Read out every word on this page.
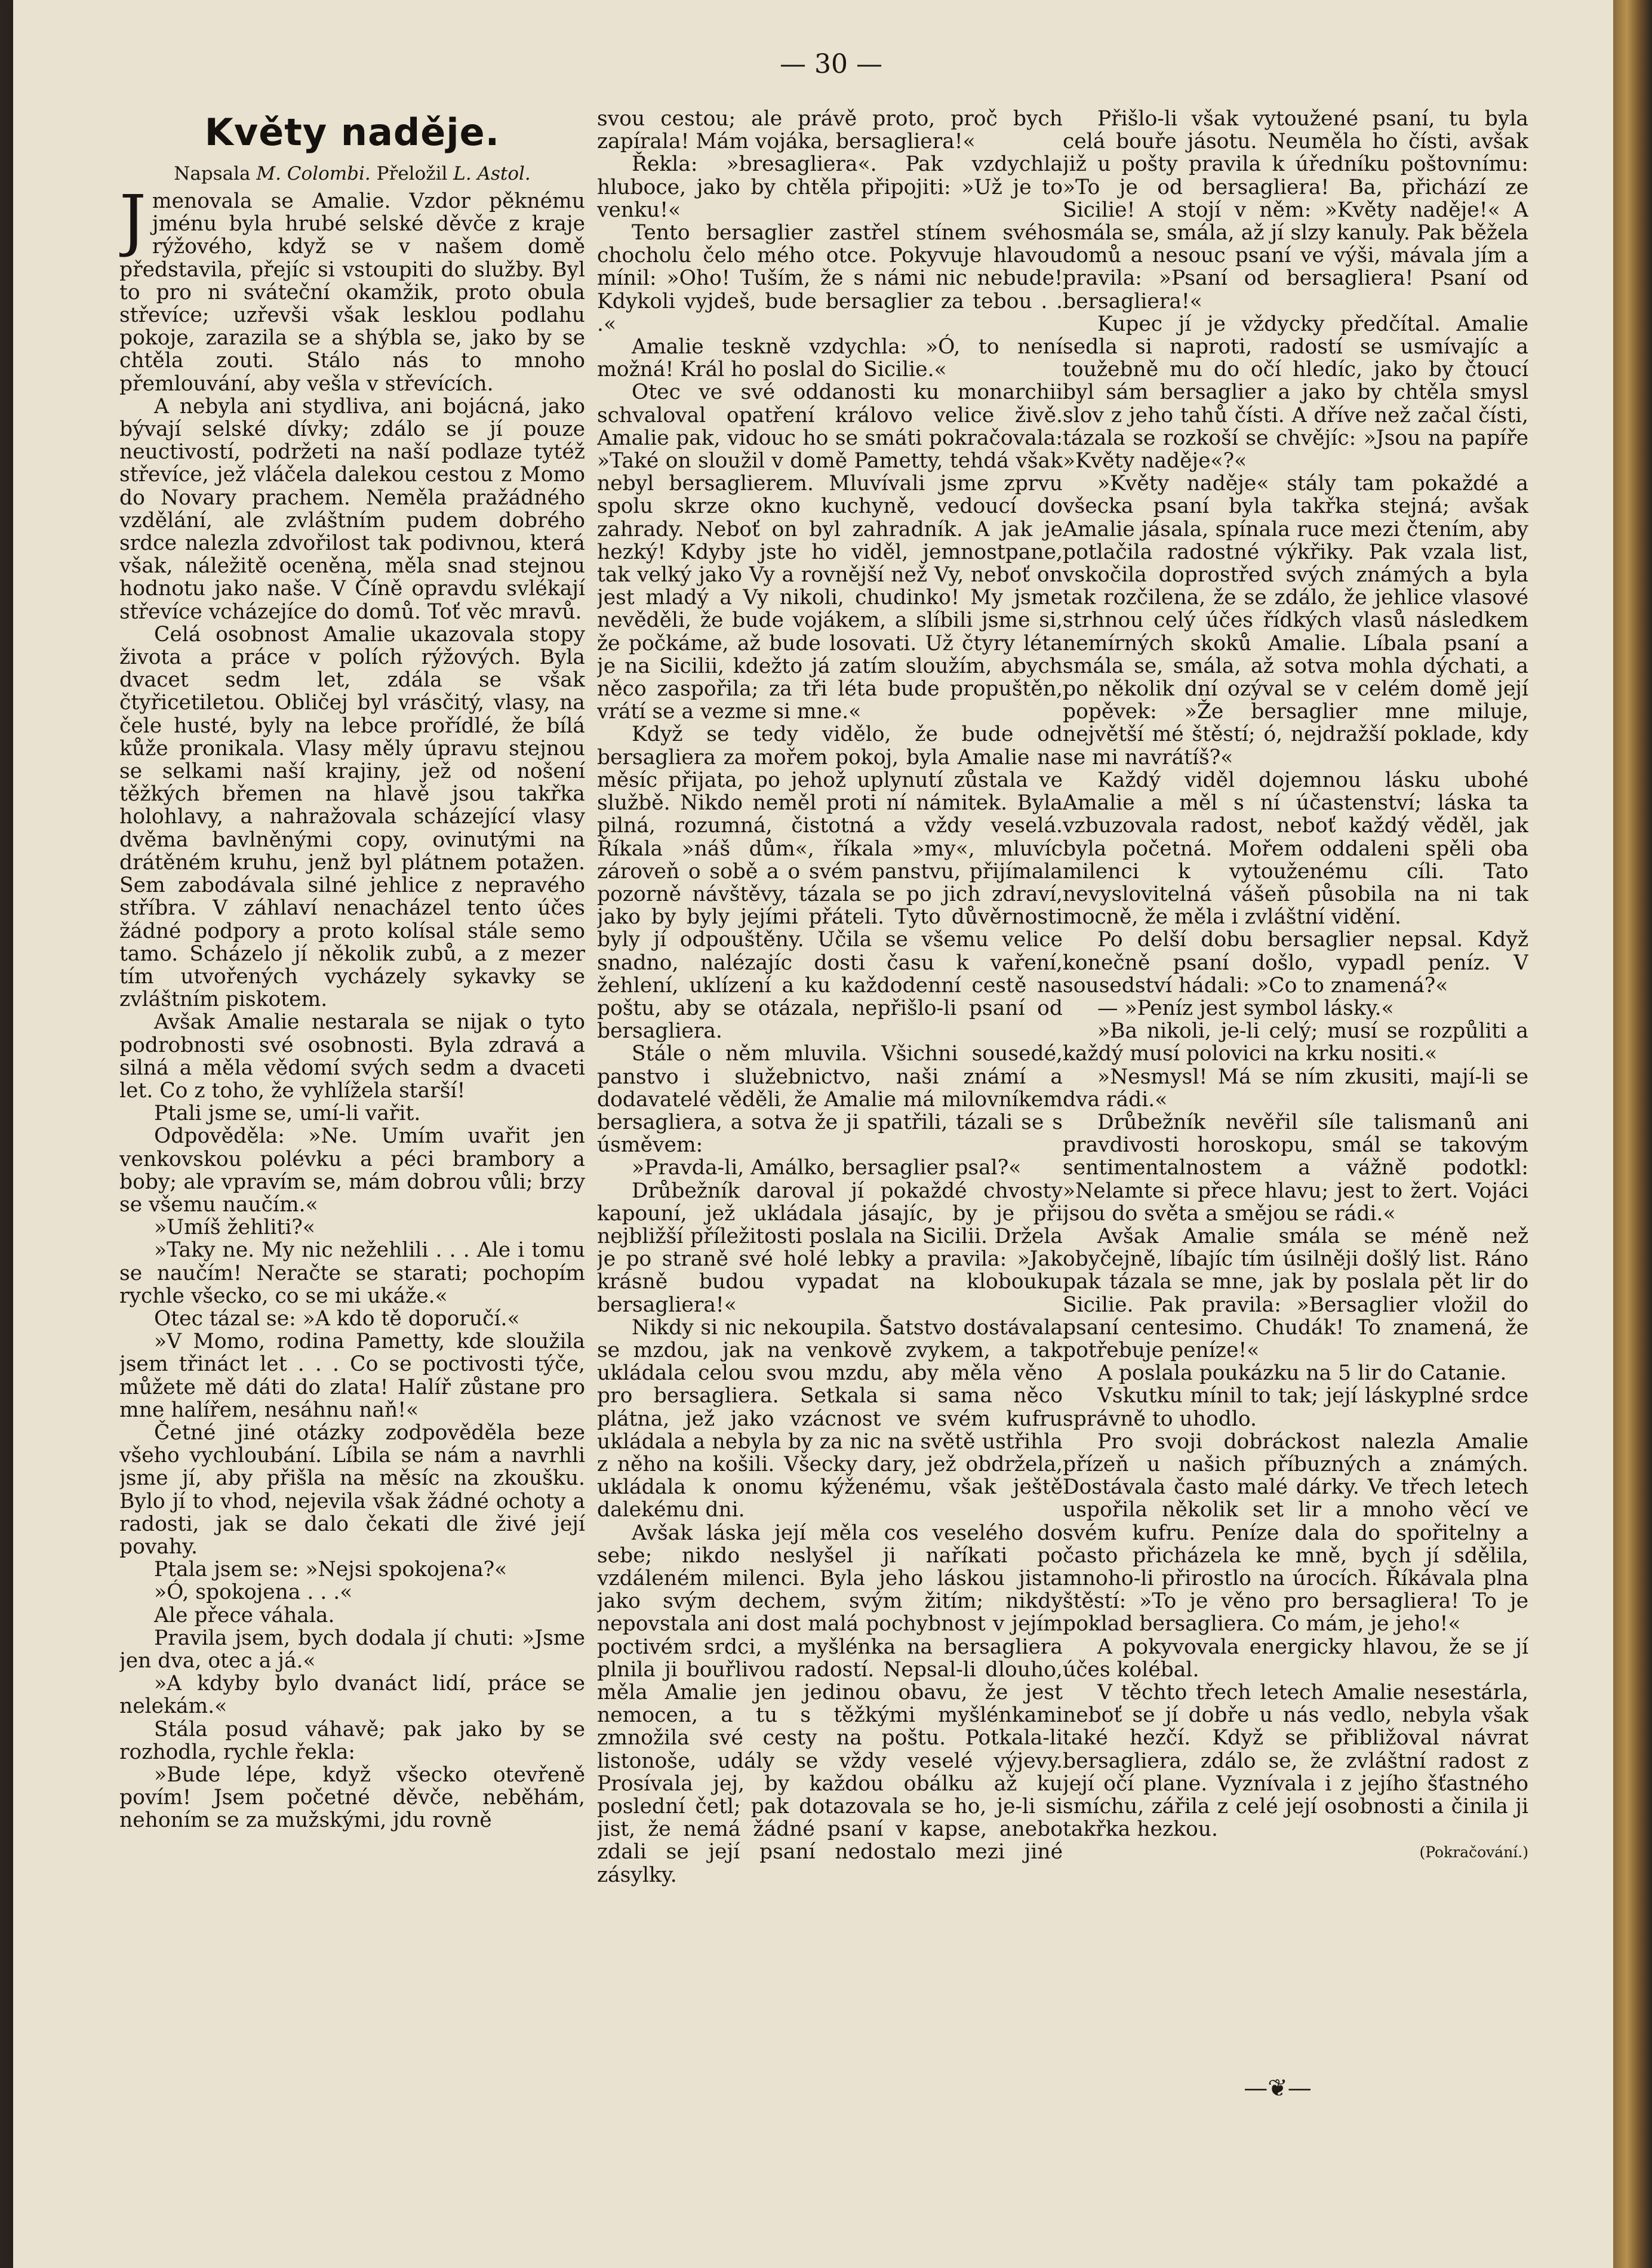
— 30 —
Květy naděje.

Napsala M. Colombi. Přeložil L. Astol.

Jmenovala se Amalie. Vzdor pěknému jménu byla hrubé selské děvče z kraje rýžového, když se v našem domě představila, přejíc si vstoupiti do služby. Byl to pro ni sváteční okamžik, proto obula střevíce; uzřevši však lesklou podlahu pokoje, zarazila se a shýbla se, jako by se chtěla zouti. Stálo nás to mnoho přemlouvání, aby vešla v střevících.

A nebyla ani stydliva, ani bojácná, jako bývají selské dívky; zdálo se jí pouze neuctivostí, podržeti na naší podlaze tytéž střevíce, jež vláčela dalekou cestou z Momo do Novary prachem. Neměla pražádného vzdělání, ale zvláštním pudem dobrého srdce nalezla zdvořilost tak podivnou, která však, náležitě oceněna, měla snad stejnou hodnotu jako naše. V Číně opravdu svlékají střevíce vcházejíce do domů. Toť věc mravů.

Celá osobnost Amalie ukazovala stopy života a práce v polích rýžových. Byla dvacet sedm let, zdála se však čtyřicetiletou. Obličej byl vrásčitý, vlasy, na čele husté, byly na lebce prořídlé, že bílá kůže pronikala. Vlasy měly úpravu stejnou se selkami naší krajiny, jež od nošení těžkých břemen na hlavě jsou takřka holohlavy, a nahražovala scházející vlasy dvěma bavlněnými copy, ovinutými na drátěném kruhu, jenž byl plátnem potažen. Sem zabodávala silné jehlice z nepravého stříbra. V záhlaví nenacházel tento účes žádné podpory a proto kolísal stále semo tamo. Scházelo jí několik zubů, a z mezer tím utvořených vycházely sykavky se zvláštním piskotem.

Avšak Amalie nestarala se nijak o tyto podrobnosti své osobnosti. Byla zdravá a silná a měla vědomí svých sedm a dvaceti let. Co z toho, že vyhlížela starší!

Ptali jsme se, umí-li vařit.

Odpověděla: »Ne. Umím uvařit jen venkovskou polévku a péci brambory a boby; ale vpravím se, mám dobrou vůli; brzy se všemu naučím.«

»Umíš žehliti?«

»Taky ne. My nic nežehlili . . . Ale i tomu se naučím! Neračte se starati; pochopím rychle všecko, co se mi ukáže.«

Otec tázal se: »A kdo tě doporučí.«

»V Momo, rodina Pametty, kde sloužila jsem třináct let . . . Co se poctivosti týče, můžete mě dáti do zlata! Halíř zůstane pro mne halířem, nesáhnu naň!«

Četné jiné otázky zodpověděla beze všeho vychloubání. Líbila se nám a navrhli jsme jí, aby přišla na měsíc na zkoušku. Bylo jí to vhod, nejevila však žádné ochoty a radosti, jak se dalo čekati dle živé její povahy.

Ptala jsem se: »Nejsi spokojena?«

»Ó, spokojena . . .«

Ale přece váhala.

Pravila jsem, bych dodala jí chuti: »Jsme jen dva, otec a já.«

»A kdyby bylo dvanáct lidí, práce se nelekám.«

Stála posud váhavě; pak jako by se rozhodla, rychle řekla:

»Bude lépe, když všecko otevřeně povím! Jsem početné děvče, neběhám, nehoním se za mužskými, jdu rovně

svou cestou; ale právě proto, proč bych zapírala! Mám vojáka, bersagliera!«

Řekla: »bresagliera«. Pak vzdychla hluboce, jako by chtěla připojiti: »Už je to venku!«

Tento bersaglier zastřel stínem svého chocholu čelo mého otce. Pokyvuje hlavou mínil: »Oho! Tuším, že s námi nic nebude! Kdykoli vyjdeš, bude bersaglier za tebou . . .«

Amalie teskně vzdychla: »Ó, to není možná! Král ho poslal do Sicilie.«

Otec ve své oddanosti ku monarchii schvaloval opatření královo velice živě. Amalie pak, vidouc ho se smáti pokračovala: »Také on sloužil v domě Pametty, tehdá však nebyl bersaglierem. Mluvívali jsme zprvu spolu skrze okno kuchyně, vedoucí do zahrady. Neboť on byl zahradník. A jak je hezký! Kdyby jste ho viděl, jemnostpane, tak velký jako Vy a rovnější než Vy, neboť on jest mladý a Vy nikoli, chudinko! My jsme nevěděli, že bude vojákem, a slíbili jsme si, že počkáme, až bude losovati. Už čtyry léta je na Sicilii, kdežto já zatím sloužím, abych něco zaspořila; za tři léta bude propuštěn, vrátí se a vezme si mne.«

Když se tedy vidělo, že bude od bersagliera za mořem pokoj, byla Amalie na měsíc přijata, po jehož uplynutí zůstala ve službě. Nikdo neměl proti ní námitek. Byla pilná, rozumná, čistotná a vždy veselá. Říkala »náš dům«, říkala »my«, mluvíc zároveň o sobě a o svém panstvu, přijímala pozorně návštěvy, tázala se po jich zdraví, jako by byly jejími přáteli. Tyto důvěrnosti byly jí odpouštěny. Učila se všemu velice snadno, nalézajíc dosti času k vaření, žehlení, uklízení a ku každodenní cestě na poštu, aby se otázala, nepřišlo-li psaní od bersagliera.

Stále o něm mluvila. Všichni sousedé, panstvo i služebnictvo, naši známí a dodavatelé věděli, že Amalie má milovníkem bersagliera, a sotva že ji spatřili, tázali se s úsměvem:

»Pravda-li, Amálko, bersaglier psal?«

Drůbežník daroval jí pokaždé chvosty kapouní, jež ukládala jásajíc, by je při nejbližší příležitosti poslala na Sicilii. Držela je po straně své holé lebky a pravila: »Jak krásně budou vypadat na klobouku bersagliera!«

Nikdy si nic nekoupila. Šatstvo dostávala se mzdou, jak na venkově zvykem, a tak ukládala celou svou mzdu, aby měla věno pro bersagliera. Setkala si sama něco plátna, jež jako vzácnost ve svém kufru ukládala a nebyla by za nic na světě ustřihla z něho na košili. Všecky dary, jež obdržela, ukládala k onomu kýženému, však ještě dalekému dni.

Avšak láska její měla cos veselého do sebe; nikdo neslyšel ji naříkati po vzdáleném milenci. Byla jeho láskou jista jako svým dechem, svým žitím; nikdy nepovstala ani dost malá pochybnost v jejím poctivém srdci, a myšlénka na bersagliera plnila ji bouřlivou radostí. Nepsal-li dlouho, měla Amalie jen jedinou obavu, že jest nemocen, a tu s těžkými myšlénkami zmnožila své cesty na poštu. Potkala-li listonoše, udály se vždy veselé výjevy. Prosívala jej, by každou obálku až ku poslední četl; pak dotazovala se ho, je-li si jist, že nemá žádné psaní v kapse, anebo zdali se její psaní nedostalo mezi jiné zásylky.

Přišlo-li však vytoužené psaní, tu byla celá bouře jásotu. Neuměla ho čísti, avšak již u pošty pravila k úředníku poštovnímu: »To je od bersagliera! Ba, přichází ze Sicilie! A stojí v něm: »Květy naděje!« A smála se, smála, až jí slzy kanuly. Pak běžela domů a nesouc psaní ve výši, mávala jím a pravila: »Psaní od bersagliera! Psaní od bersagliera!«

Kupec jí je vždycky předčítal. Amalie sedla si naproti, radostí se usmívajíc a toužebně mu do očí hledíc, jako by čtoucí byl sám bersaglier a jako by chtěla smysl slov z jeho tahů čísti. A dříve než začal čísti, tázala se rozkoší se chvějíc: »Jsou na papíře »Květy naděje«?«

»Květy naděje« stály tam pokaždé a všecka psaní byla takřka stejná; avšak Amalie jásala, spínala ruce mezi čtením, aby potlačila radostné výkřiky. Pak vzala list, vskočila doprostřed svých známých a byla tak rozčilena, že se zdálo, že jehlice vlasové strhnou celý účes řídkých vlasů následkem nemírných skoků Amalie. Líbala psaní a smála se, smála, až sotva mohla dýchati, a po několik dní ozýval se v celém domě její popěvek: »Že bersaglier mne miluje, největší mé štěstí; ó, nejdražší poklade, kdy se mi navrátíš?«

Každý viděl dojemnou lásku ubohé Amalie a měl s ní účastenství; láska ta vzbuzovala radost, neboť každý věděl, jak byla početná. Mořem oddaleni spěli oba milenci k vytouženému cíli. Tato nevyslovitelná vášeň působila na ni tak mocně, že měla i zvláštní vidění.

Po delší dobu bersaglier nepsal. Když konečně psaní došlo, vypadl peníz. V sousedství hádali: »Co to znamená?«

— »Peníz jest symbol lásky.«

»Ba nikoli, je-li celý; musí se rozpůliti a každý musí polovici na krku nositi.«

»Nesmysl! Má se ním zkusiti, mají-li se dva rádi.«

Drůbežník nevěřil síle talismanů ani pravdivosti horoskopu, smál se takovým sentimentalnostem a vážně podotkl: »Nelamte si přece hlavu; jest to žert. Vojáci jsou do světa a smějou se rádi.«

Avšak Amalie smála se méně než obyčejně, líbajíc tím úsilněji došlý list. Ráno pak tázala se mne, jak by poslala pět lir do Sicilie. Pak pravila: »Bersaglier vložil do psaní centesimo. Chudák! To znamená, že potřebuje peníze!«

A poslala poukázku na 5 lir do Catanie.

Vskutku mínil to tak; její láskyplné srdce správně to uhodlo.

Pro svoji dobráckost nalezla Amalie přízeň u našich příbuzných a známých. Dostávala často malé dárky. Ve třech letech uspořila několik set lir a mnoho věcí ve svém kufru. Peníze dala do spořitelny a často přicházela ke mně, bych jí sdělila, mnoho-li přirostlo na úrocích. Říkávala plna štěstí: »To je věno pro bersagliera! To je poklad bersagliera. Co mám, je jeho!«

A pokyvovala energicky hlavou, že se jí účes kolébal.

V těchto třech letech Amalie nesestárla, neboť se jí dobře u nás vedlo, nebyla však také hezčí. Když se přibližoval návrat bersagliera, zdálo se, že zvláštní radost z její očí plane. Vyznívala i z jejího šťastného smíchu, zářila z celé její osobnosti a činila ji takřka hezkou.

(Pokračování.)

—❦—
